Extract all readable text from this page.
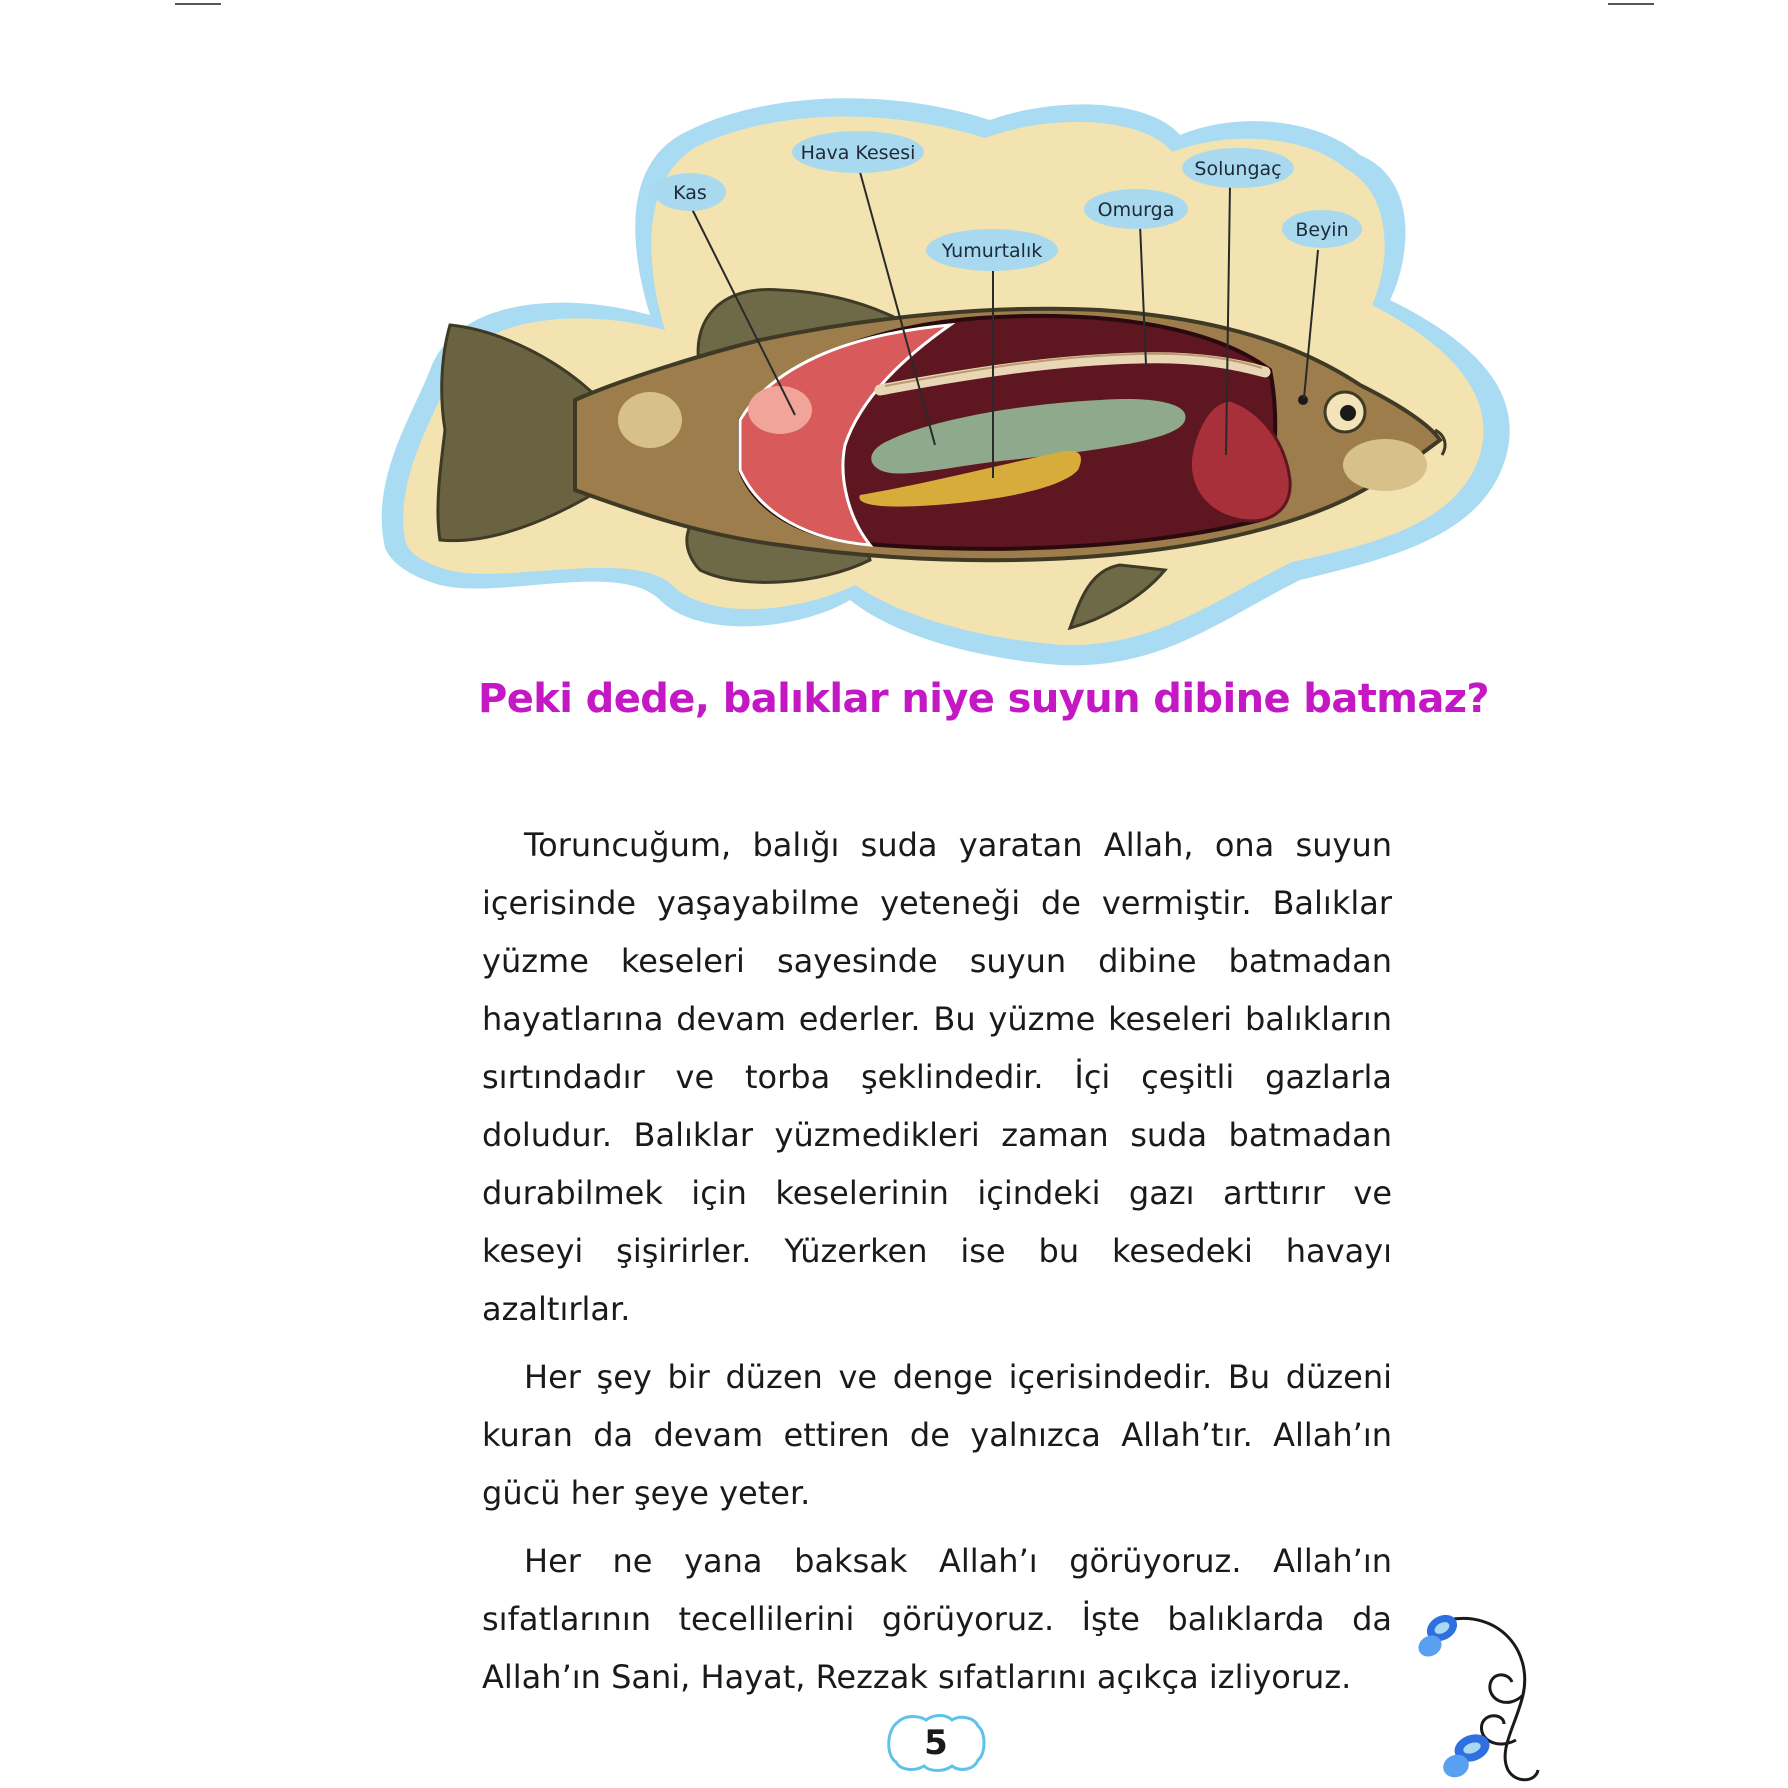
Kas
Hava Kesesi
Yumurtalık
Omurga
Solungaç
Beyin
Peki dede, balıklar niye suyun dibine batmaz?

Toruncuğum, balığı suda yaratan Allah, ona suyun içerisinde yaşayabilme yeteneği de vermiştir. Balıklar yüzme keseleri sayesinde suyun dibine batmadan hayatlarına devam ederler. Bu yüzme keseleri balıkların sırtındadır ve torba şeklindedir. İçi çeşitli gazlarla doludur. Balıklar yüzmedikleri zaman suda batmadan durabilmek için keselerinin içindeki gazı arttırır ve keseyi şişirirler. Yüzerken ise bu kesedeki havayı azaltırlar.

Her şey bir düzen ve denge içerisindedir. Bu düzeni kuran da devam ettiren de yalnızca Allah’tır. Allah’ın gücü her şeye yeter.

Her ne yana baksak Allah’ı görüyoruz. Allah’ın sıfatlarının tecellilerini görüyoruz. İşte balıklarda da Allah’ın Sani, Hayat, Rezzak sıfatlarını açıkça izliyoruz.

5
